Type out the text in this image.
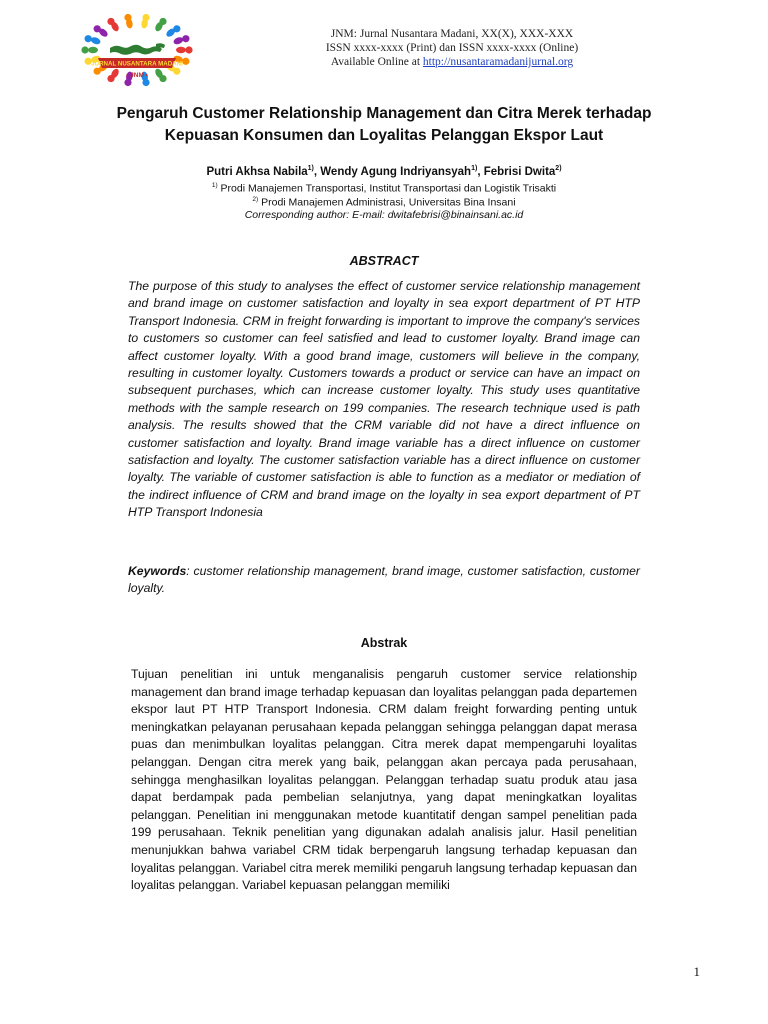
JURNAL NUSANTARA MADANI
• JNM •
JNM: Jurnal Nusantara Madani, XX(X), XXX-XXX
ISSN xxxx-xxxx (Print) dan ISSN xxxx-xxxx (Online)
Available Online at http://nusantaramadanijurnal.org
Pengaruh Customer Relationship Management dan Citra Merek terhadap Kepuasan Konsumen dan Loyalitas Pelanggan Ekspor Laut
Putri Akhsa Nabila$^{1)}$, Wendy Agung Indriyansyah$^{1)}$, Febrisi Dwita$^{2)}$
$^{1)}$ Prodi Manajemen Transportasi, Institut Transportasi dan Logistik Trisakti
$^{2)}$ Prodi Manajemen Administrasi, Universitas Bina Insani
Corresponding author: E-mail: dwitafebrisi@binainsani.ac.id
ABSTRACT
The purpose of this study to analyses the effect of customer service relationship management and brand image on customer satisfaction and loyalty in sea export department of PT HTP Transport Indonesia. CRM in freight forwarding is important to improve the company's services to customers so customer can feel satisfied and lead to customer loyalty. Brand image can affect customer loyalty. With a good brand image, customers will believe in the company, resulting in customer loyalty. Customers towards a product or service can have an impact on subsequent purchases, which can increase customer loyalty. This study uses quantitative methods with the sample research on 199 companies. The research technique used is path analysis. The results showed that the CRM variable did not have a direct influence on customer satisfaction and loyalty. Brand image variable has a direct influence on customer satisfaction and loyalty. The customer satisfaction variable has a direct influence on customer loyalty. The variable of customer satisfaction is able to function as a mediator or mediation of the indirect influence of CRM and brand image on the loyalty in sea export department of PT HTP Transport Indonesia
Keywords: customer relationship management, brand image, customer satisfaction, customer loyalty.
Abstrak
Tujuan penelitian ini untuk menganalisis pengaruh customer service relationship management dan brand image terhadap kepuasan dan loyalitas pelanggan pada departemen ekspor laut PT HTP Transport Indonesia. CRM dalam freight forwarding penting untuk meningkatkan pelayanan perusahaan kepada pelanggan sehingga pelanggan dapat merasa puas dan menimbulkan loyalitas pelanggan. Citra merek dapat mempengaruhi loyalitas pelanggan. Dengan citra merek yang baik, pelanggan akan percaya pada perusahaan, sehingga menghasilkan loyalitas pelanggan. Pelanggan terhadap suatu produk atau jasa dapat berdampak pada pembelian selanjutnya, yang dapat meningkatkan loyalitas pelanggan. Penelitian ini menggunakan metode kuantitatif dengan sampel penelitian pada 199 perusahaan. Teknik penelitian yang digunakan adalah analisis jalur. Hasil penelitian menunjukkan bahwa variabel CRM tidak berpengaruh langsung terhadap kepuasan dan loyalitas pelanggan. Variabel citra merek memiliki pengaruh langsung terhadap kepuasan dan loyalitas pelanggan. Variabel kepuasan pelanggan memiliki
1
